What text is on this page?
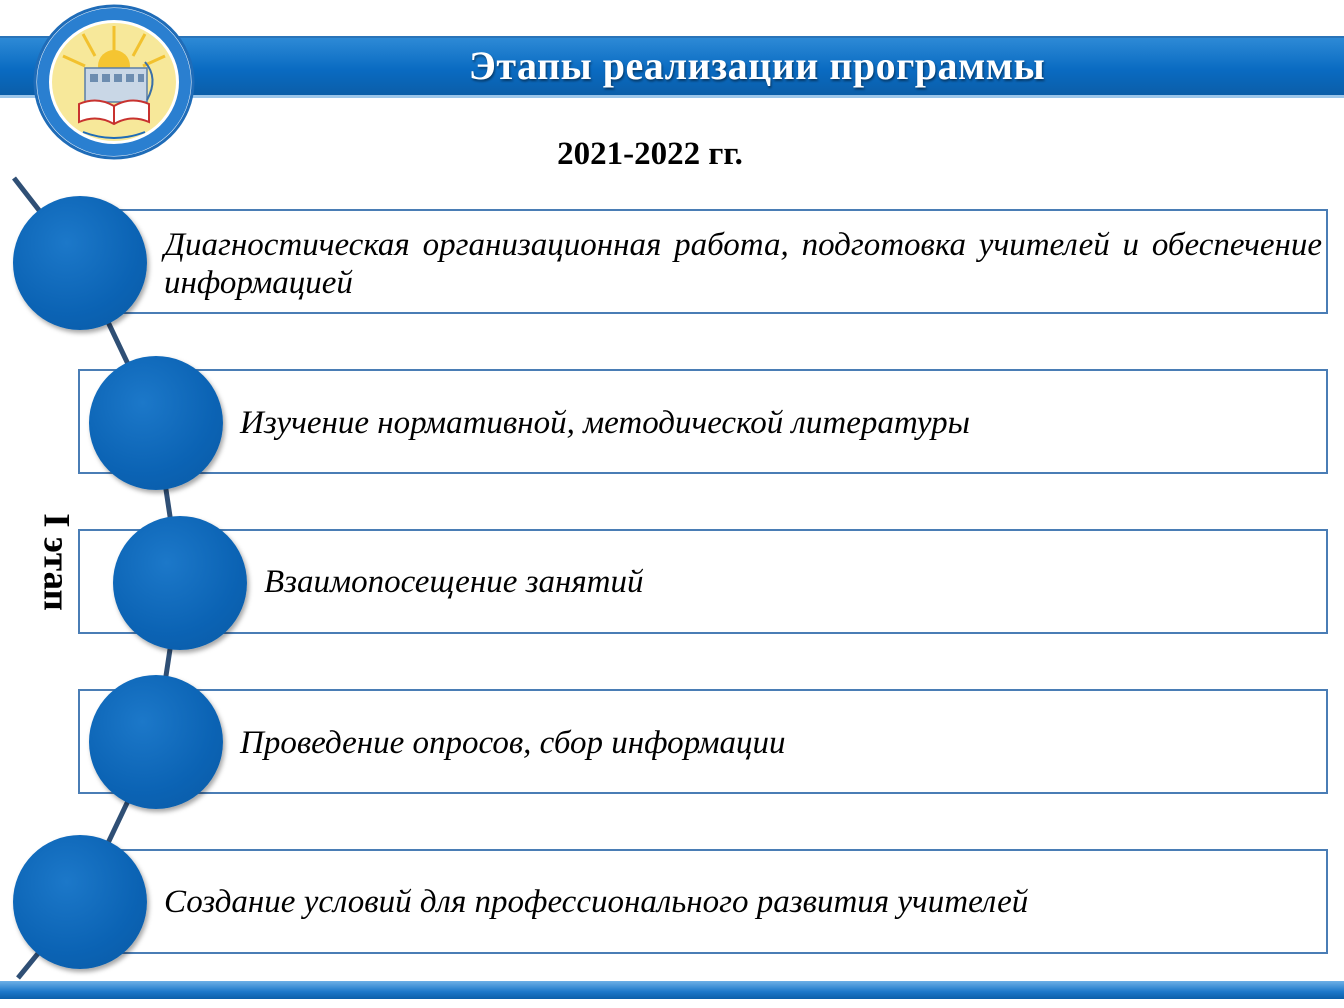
Этапы реализации программы
2021-2022 гг.
I этап
Диагностическая организационная работа, подготовка учителей и обеспечение информацией
Изучение нормативной, методической литературы
Взаимопосещение занятий
Проведение опросов, сбор информации
Создание условий для профессионального развития учителей
